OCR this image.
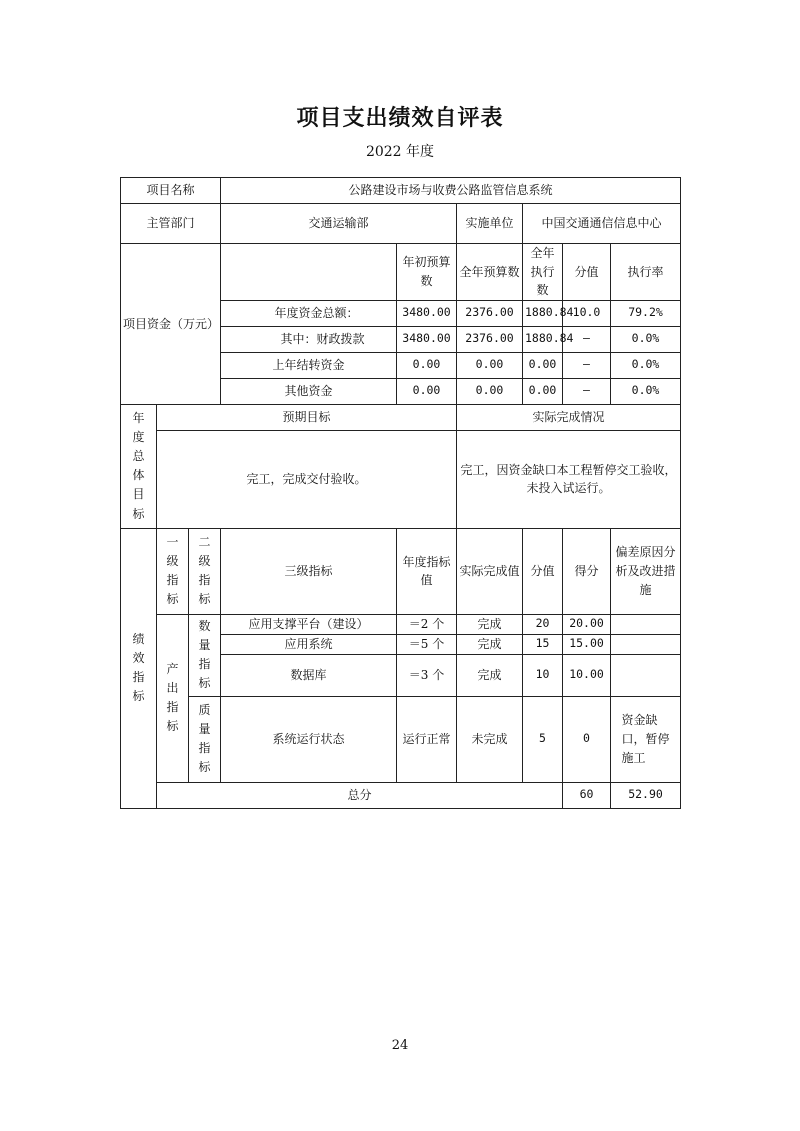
项目支出绩效自评表
2022 年度
项目名称			公路建设市场与收费公路监管信息系统						
主管部门			交通运输部		实施单位	中国交通通信信息中心			
项目资金（万元）				年初预算数	全年预算数	全年执行数	分值	执行率	
			年度资金总额：	3480.00	2376.00	1880.84	10.0	79.2%	
			其中：财政拨款	3480.00	2376.00	1880.84	—	0.0%	
			上年结转资金	0.00	0.00	0.00	—	0.0%	
			其他资金	0.00	0.00	0.00	—	0.0%	

年度总体目标	预期目标				实际完成情况				
	完工，完成交付验收。				完工，因资金缺口本工程暂停交工验收，未投入试运行。				

绩效指标	一级指标	二级指标	三级指标	年度指标值	实际完成值	分值	得分	偏差原因分析及改进措施	

	产出指标	数量指标	应用支撑平台（建设）	＝2 个	完成	20	20.00		
			应用系统	＝5 个	完成	15	15.00		
			数据库	＝3 个	完成	10	10.00		

		质量指标	系统运行状态	运行正常	未完成	5	0	资金缺口，暂停施工	

	总分						60	52.90	
24
